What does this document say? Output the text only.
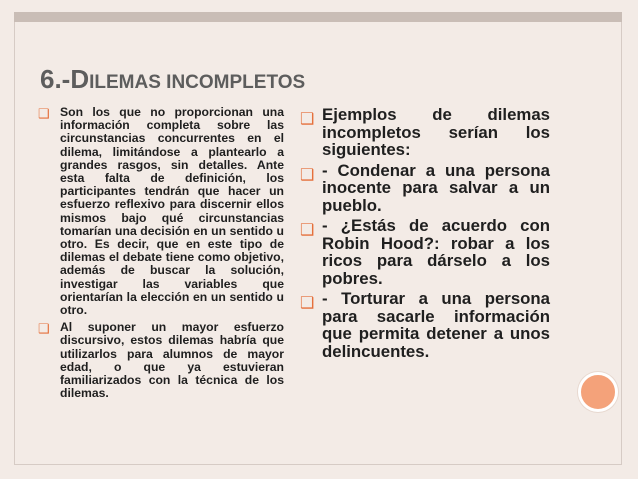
6.-DILEMAS INCOMPLETOS
❑ Son los que no proporcionan una información completa sobre las circunstancias concurrentes en el dilema, limitándose a plantearlo a grandes rasgos, sin detalles. Ante esta falta de definición, los participantes tendrán que hacer un esfuerzo reflexivo para discernir ellos mismos bajo qué circunstancias tomarían una decisión en un sentido u otro. Es decir, que en este tipo de dilemas el debate tiene como objetivo, además de buscar la solución, investigar las variables que orientarían la elección en un sentido u otro.
❑ Al suponer un mayor esfuerzo discursivo, estos dilemas habría que utilizarlos para alumnos de mayor edad, o que ya estuvieran familiarizados con la técnica de los dilemas.
❑ Ejemplos de dilemas incompletos serían los siguientes:
❑ - Condenar a una persona inocente para salvar a un pueblo.
❑ - ¿Estás de acuerdo con Robin Hood?: robar a los ricos para dárselo a los pobres.
❑ - Torturar a una persona para sacarle información que permita detener a unos delincuentes.
